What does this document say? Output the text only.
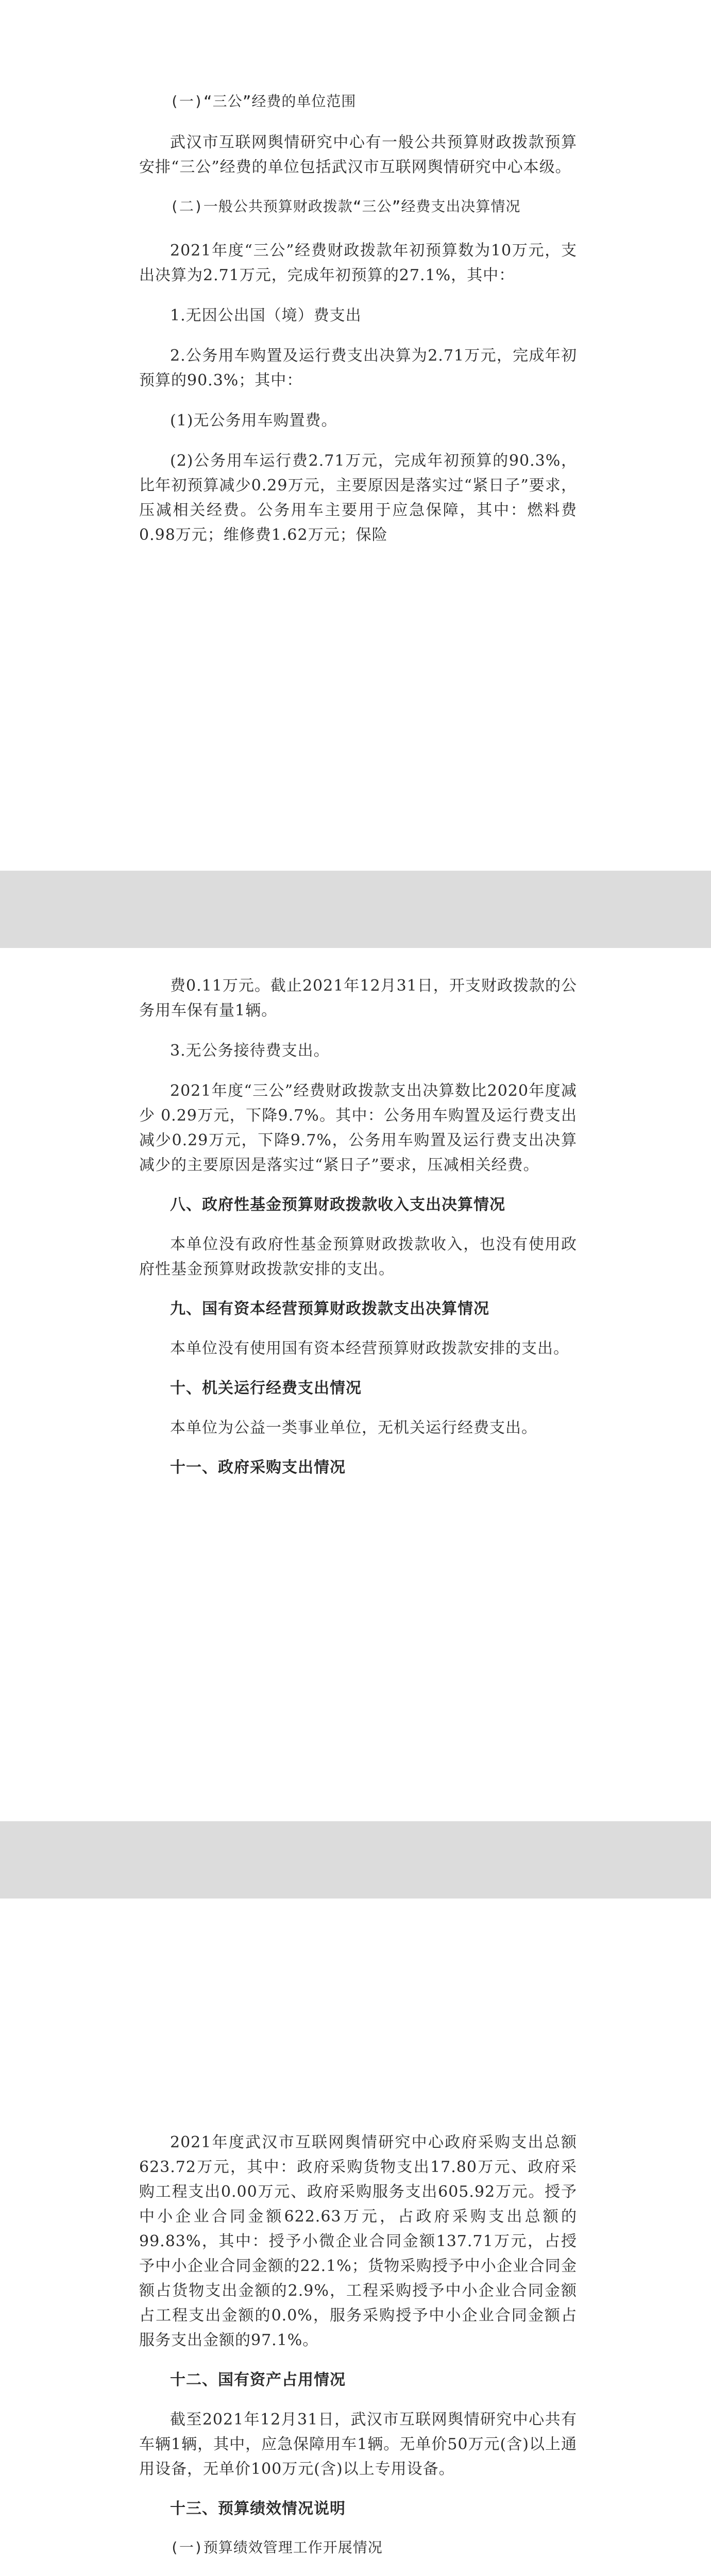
(一)“三公”经费的单位范围

武汉市互联网舆情研究中心有一般公共预算财政拨款预算安排“三公”经费的单位包括武汉市互联网舆情研究中心本级。

(二)一般公共预算财政拨款“三公”经费支出决算情况

2021年度“三公”经费财政拨款年初预算数为10万元，支出决算为2.71万元，完成年初预算的27.1%，其中：

1.无因公出国（境）费支出

2.公务用车购置及运行费支出决算为2.71万元，完成年初预算的90.3%；其中：

(1)无公务用车购置费。

(2)公务用车运行费2.71万元，完成年初预算的90.3%，比年初预算减少0.29万元，主要原因是落实过“紧日子”要求，压减相关经费。公务用车主要用于应急保障，其中：燃料费0.98万元；维修费1.62万元；保险

费0.11万元。截止2021年12月31日，开支财政拨款的公务用车保有量1辆。

3.无公务接待费支出。

2021年度“三公”经费财政拨款支出决算数比2020年度减少 0.29万元，下降9.7%。其中：公务用车购置及运行费支出减少0.29万元，下降9.7%，公务用车购置及运行费支出决算减少的主要原因是落实过“紧日子”要求，压减相关经费。

八、政府性基金预算财政拨款收入支出决算情况

本单位没有政府性基金预算财政拨款收入，也没有使用政府性基金预算财政拨款安排的支出。

九、国有资本经营预算财政拨款支出决算情况

本单位没有使用国有资本经营预算财政拨款安排的支出。

十、机关运行经费支出情况

本单位为公益一类事业单位，无机关运行经费支出。

十一、政府采购支出情况

2021年度武汉市互联网舆情研究中心政府采购支出总额623.72万元，其中：政府采购货物支出17.80万元、政府采购工程支出0.00万元、政府采购服务支出605.92万元。授予中小企业合同金额622.63万元，占政府采购支出总额的99.83%，其中：授予小微企业合同金额137.71万元，占授予中小企业合同金额的22.1%；货物采购授予中小企业合同金额占货物支出金额的2.9%，工程采购授予中小企业合同金额占工程支出金额的0.0%，服务采购授予中小企业合同金额占服务支出金额的97.1%。

十二、国有资产占用情况

截至2021年12月31日，武汉市互联网舆情研究中心共有车辆1辆，其中，应急保障用车1辆。无单价50万元(含)以上通用设备，无单价100万元(含)以上专用设备。

十三、预算绩效情况说明

(一)预算绩效管理工作开展情况
